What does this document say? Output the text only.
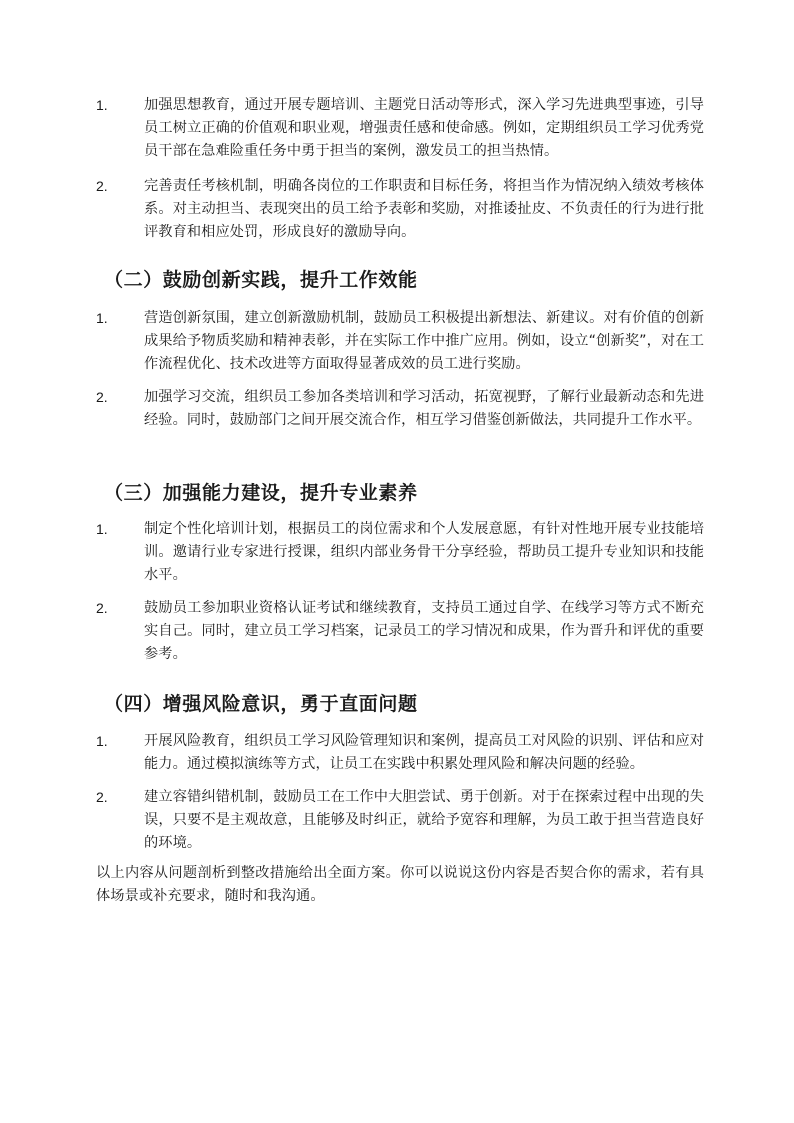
1.	加强思想教育，通过开展专题培训、主题党日活动等形式，深入学习先进典型事迹，引导员工树立正确的价值观和职业观，增强责任感和使命感。例如，定期组织员工学习优秀党员干部在急难险重任务中勇于担当的案例，激发员工的担当热情。

2.	完善责任考核机制，明确各岗位的工作职责和目标任务，将担当作为情况纳入绩效考核体系。对主动担当、表现突出的员工给予表彰和奖励，对推诿扯皮、不负责任的行为进行批评教育和相应处罚，形成良好的激励导向。

（二）鼓励创新实践，提升工作效能
1.	营造创新氛围，建立创新激励机制，鼓励员工积极提出新想法、新建议。对有价值的创新成果给予物质奖励和精神表彰，并在实际工作中推广应用。例如，设立“创新奖”，对在工作流程优化、技术改进等方面取得显著成效的员工进行奖励。

2.	加强学习交流，组织员工参加各类培训和学习活动，拓宽视野，了解行业最新动态和先进经验。同时，鼓励部门之间开展交流合作，相互学习借鉴创新做法，共同提升工作水平。

（三）加强能力建设，提升专业素养
1.	制定个性化培训计划，根据员工的岗位需求和个人发展意愿，有针对性地开展专业技能培训。邀请行业专家进行授课，组织内部业务骨干分享经验，帮助员工提升专业知识和技能水平。

2.	鼓励员工参加职业资格认证考试和继续教育，支持员工通过自学、在线学习等方式不断充实自己。同时，建立员工学习档案，记录员工的学习情况和成果，作为晋升和评优的重要参考。

（四）增强风险意识，勇于直面问题
1.	开展风险教育，组织员工学习风险管理知识和案例，提高员工对风险的识别、评估和应对能力。通过模拟演练等方式，让员工在实践中积累处理风险和解决问题的经验。

2.	建立容错纠错机制，鼓励员工在工作中大胆尝试、勇于创新。对于在探索过程中出现的失误，只要不是主观故意，且能够及时纠正，就给予宽容和理解，为员工敢于担当营造良好的环境。

以上内容从问题剖析到整改措施给出全面方案。你可以说说这份内容是否契合你的需求，若有具体场景或补充要求，随时和我沟通。
